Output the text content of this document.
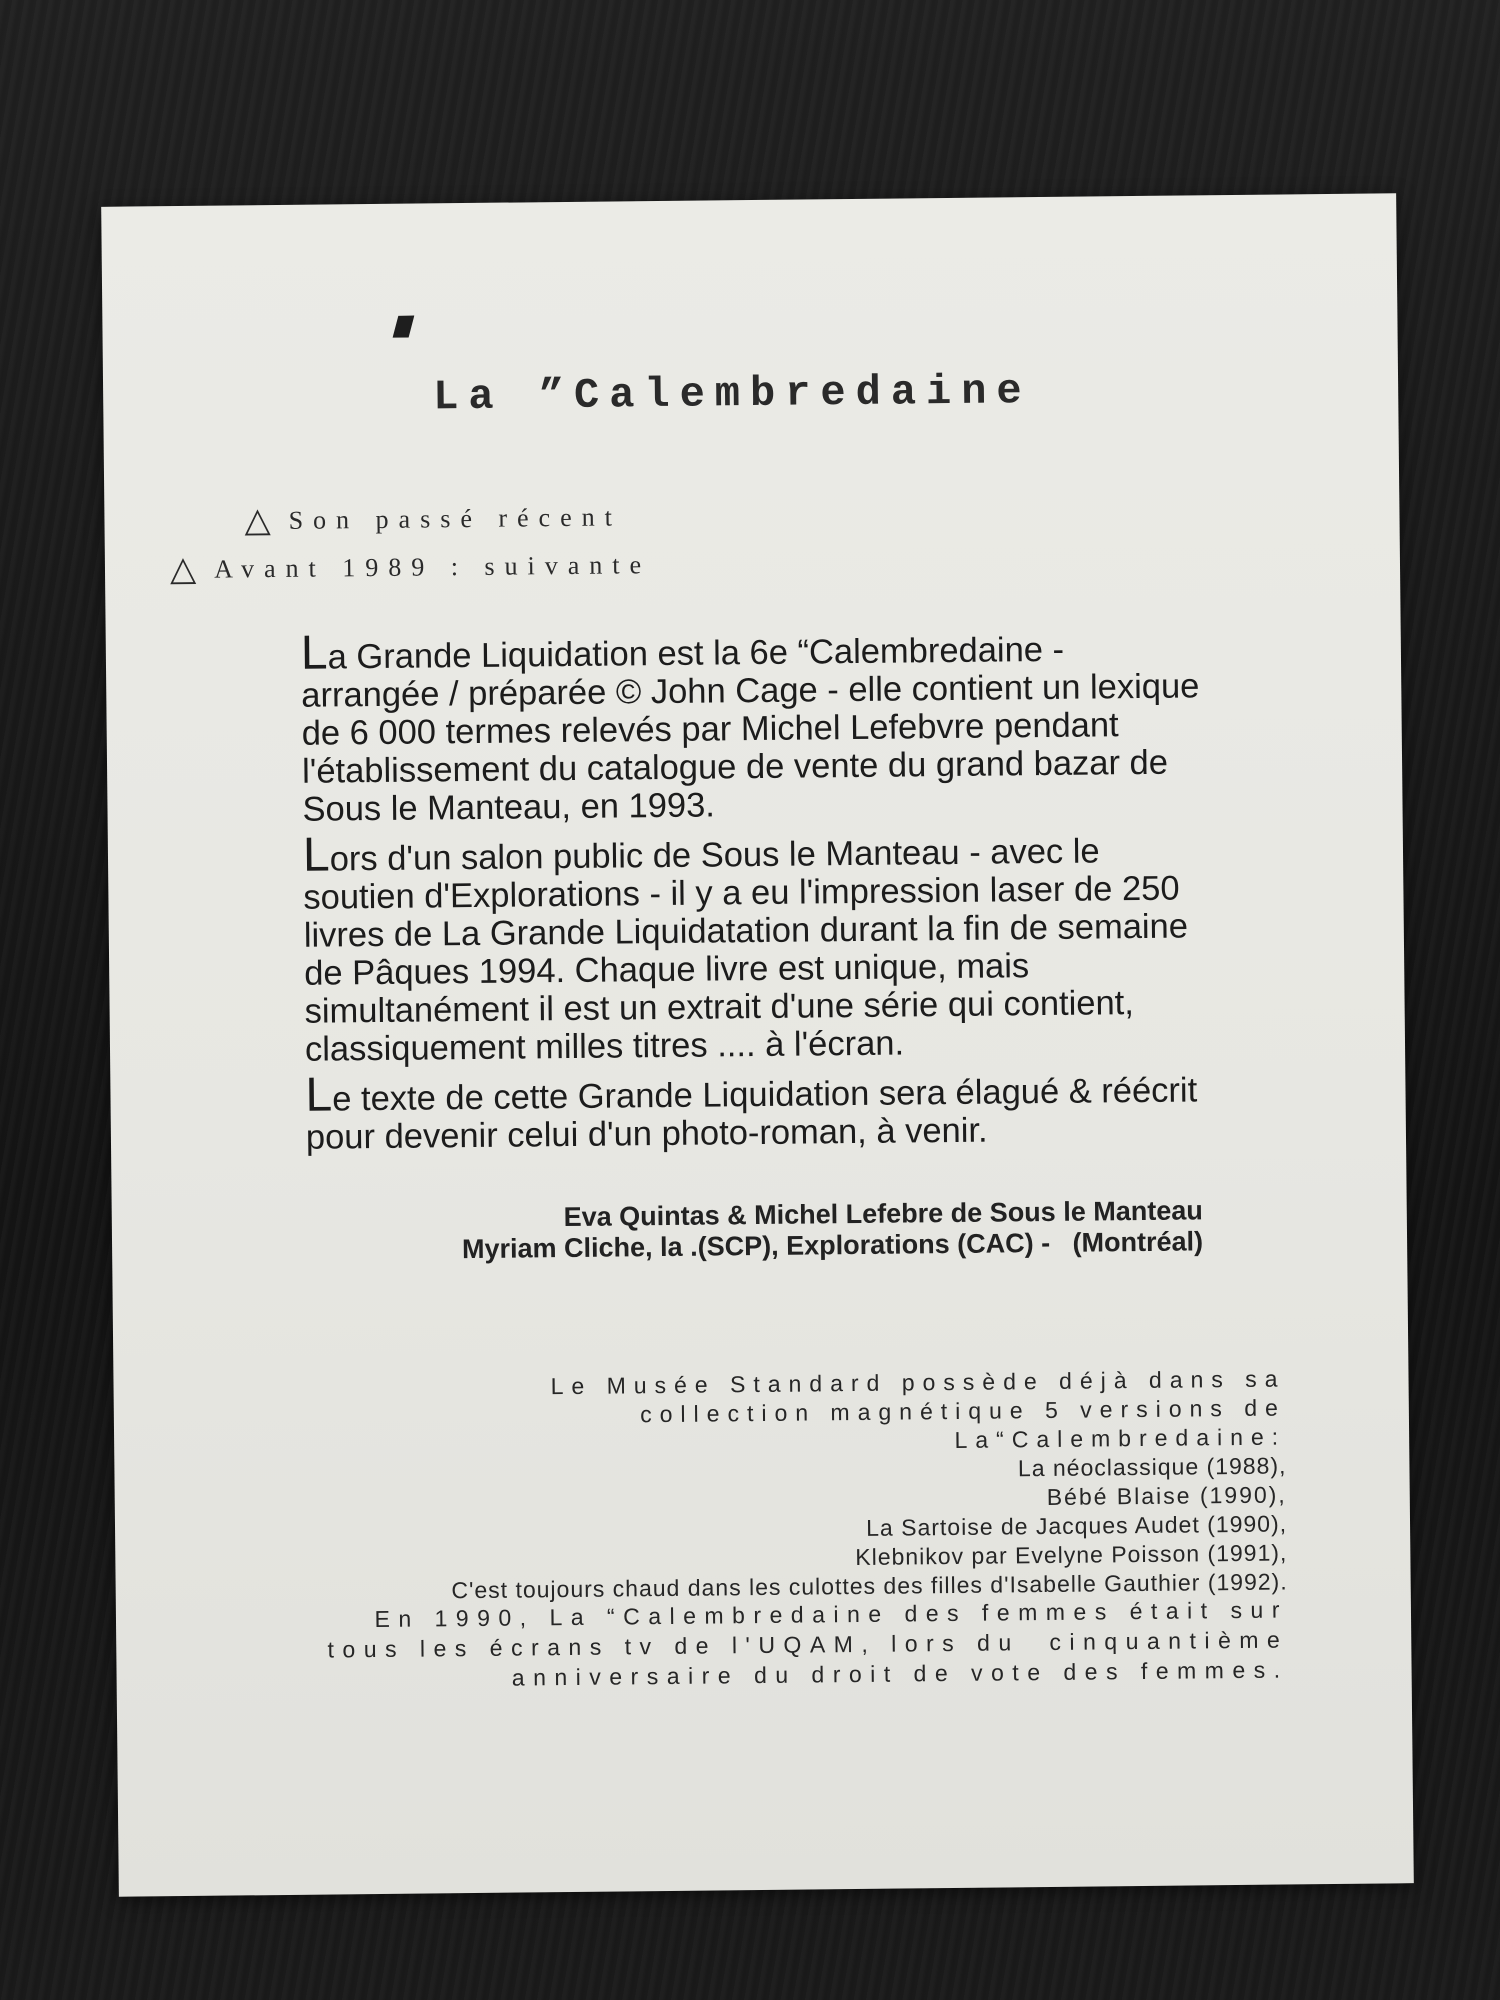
La ”Calembredaine
△ Son passé récent
△ Avant 1989 : suivante

La Grande Liquidation est la 6e “Calembredaine - arrangée / préparée © John Cage - elle contient un lexique de 6 000 termes relevés par Michel Lefebvre pendant l'établissement du catalogue de vente du grand bazar de Sous le Manteau, en 1993.

Lors d'un salon public de Sous le Manteau - avec le soutien d'Explorations - il y a eu l'impression laser de 250 livres de La Grande Liquidatation durant la fin de semaine de Pâques 1994. Chaque livre est unique, mais simultanément il est un extrait d'une série qui contient, classiquement milles titres .... à l'écran.

Le texte de cette Grande Liquidation sera élagué & réécrit pour devenir celui d'un photo-roman, à venir.

Eva Quintas & Michel Lefebre de Sous le Manteau
Myriam Cliche, la .(SCP), Explorations (CAC) -   (Montréal)
Le Musée Standard possède déjà dans sa
collection magnétique 5 versions de
La“Calembredaine:
La néoclassique (1988),
Bébé Blaise (1990),
La Sartoise de Jacques Audet (1990),
Klebnikov par Evelyne Poisson (1991),
C'est toujours chaud dans les culottes des filles d'Isabelle Gauthier (1992).
En 1990, La “Calembredaine des femmes était sur
tous les écrans tv de l'UQAM, lors du  cinquantième
anniversaire du droit de vote des femmes.
